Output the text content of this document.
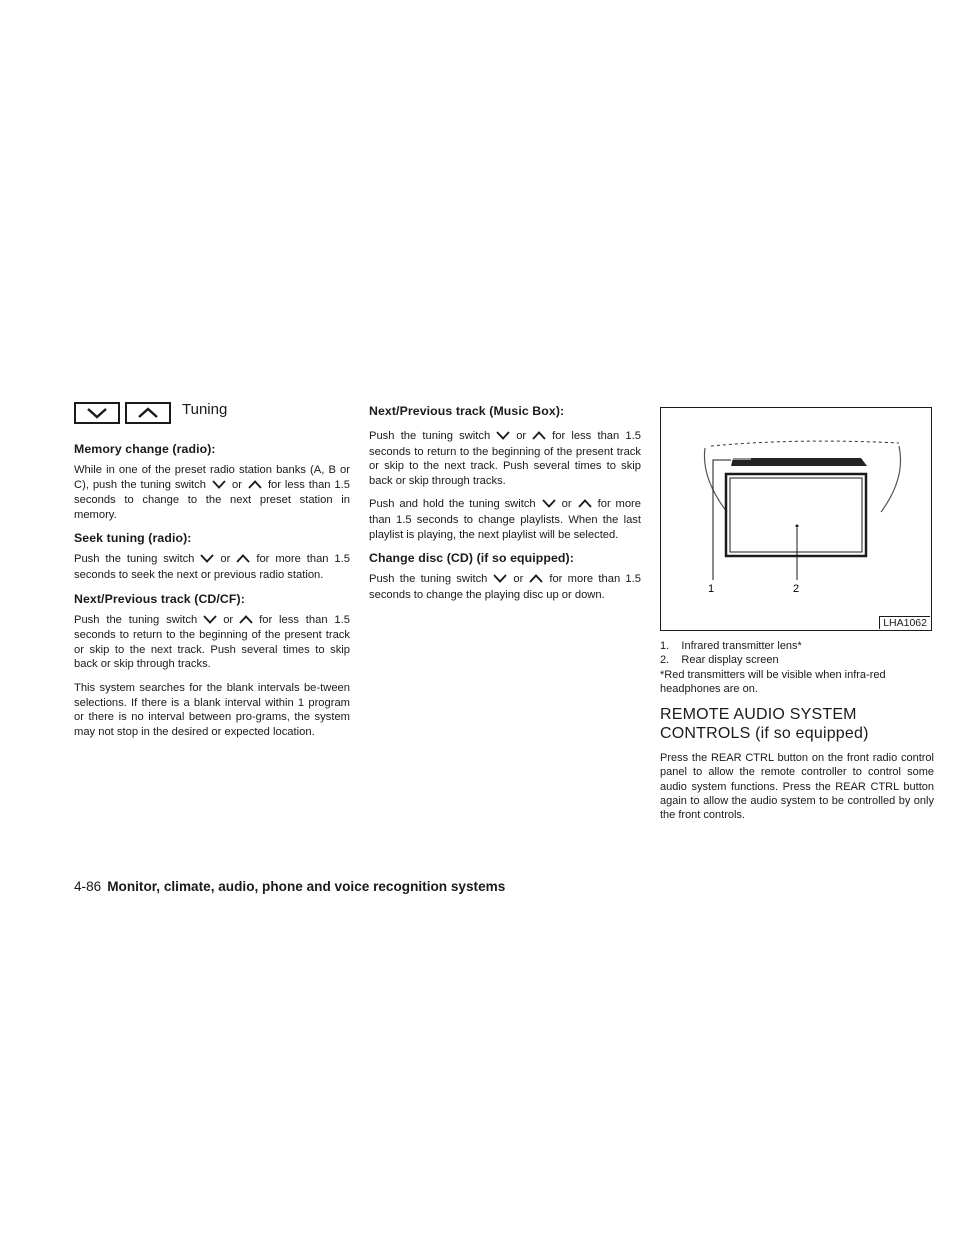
Tuning
Memory change (radio):

While in one of the preset radio station banks (A, B or C), push the tuning switch or for less than 1.5 seconds to change to the next preset station in memory.

Seek tuning (radio):

Push the tuning switch or for more than 1.5 seconds to seek the next or previous radio station.

Next/Previous track (CD/CF):

Push the tuning switch or for less than 1.5 seconds to return to the beginning of the present track or skip to the next track. Push several times to skip back or skip through tracks.

This system searches for the blank intervals be-tween selections. If there is a blank interval within 1 program or there is no interval between pro-grams, the system may not stop in the desired or expected location.

Next/Previous track (Music Box):

Push the tuning switch or for less than 1.5 seconds to return to the beginning of the present track or skip to the next track. Push several times to skip back or skip through tracks.

Push and hold the tuning switch or for more than 1.5 seconds to change playlists. When the last playlist is playing, the next playlist will be selected.

Change disc (CD) (if so equipped):

Push the tuning switch or for more than 1.5 seconds to change the playing disc up or down.	1	2
LHA1062

1.    Infrared transmitter lens*

2.    Rear display screen

*Red transmitters will be visible when infra-red headphones are on.

REMOTE AUDIO SYSTEM CONTROLS (if so equipped)

Press the REAR CTRL button on the front radio control panel to allow the remote controller to control some audio system functions. Press the REAR CTRL button again to allow the audio system to be controlled by only the front controls.

4-86 Monitor, climate, audio, phone and voice recognition systems
